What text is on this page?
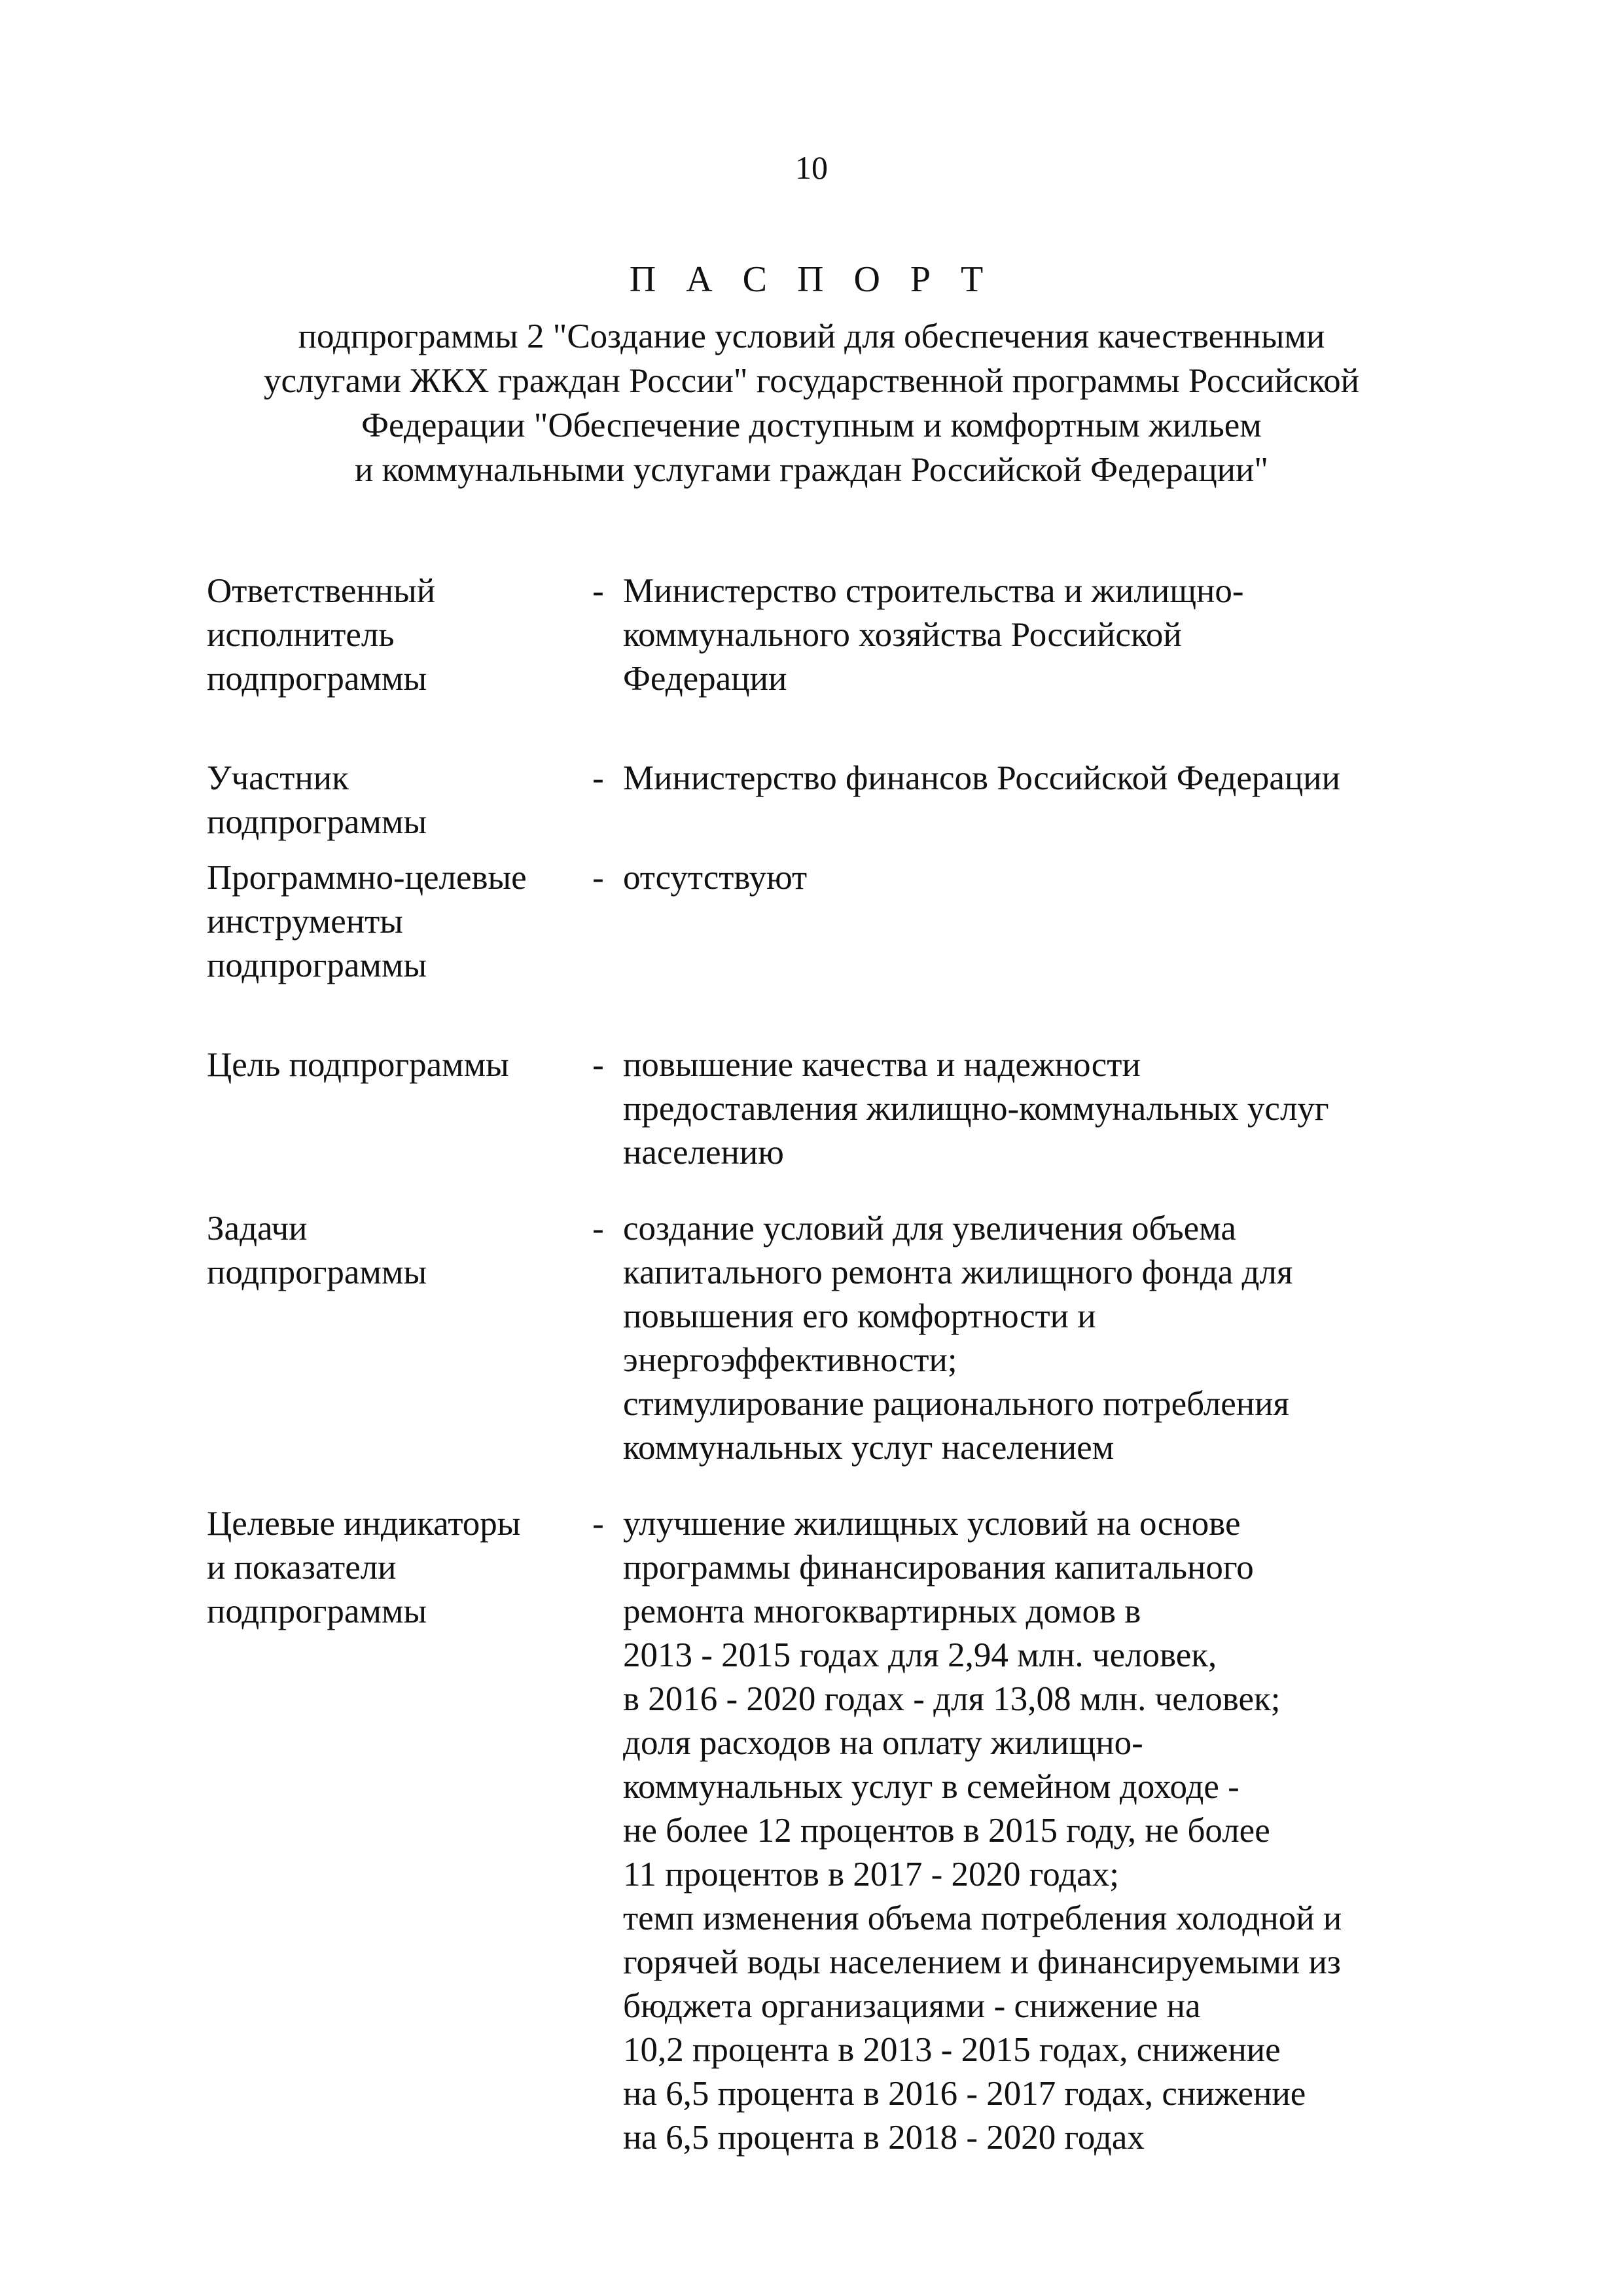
10
П А С П О Р Т
подпрограммы 2 "Создание условий для обеспечения качественными
услугами ЖКХ граждан России" государственной программы Российской
Федерации "Обеспечение доступным и комфортным жильем
и коммунальными услугами граждан Российской Федерации"
Ответственный
исполнитель
подпрограммы
- Министерство строительства и жилищно-
коммунального хозяйства Российской
Федерации
Участник
подпрограммы
- Министерство финансов Российской Федерации
Программно-целевые
инструменты
подпрограммы
- отсутствуют
Цель подпрограммы	- повышение качества и надежности
предоставления жилищно-коммунальных услуг
населению
Задачи
подпрограммы
- создание условий для увеличения объема
капитального ремонта жилищного фонда для
повышения его комфортности и
энергоэффективности;
стимулирование рационального потребления
коммунальных услуг населением
Целевые индикаторы
и показатели
подпрограммы
- улучшение жилищных условий на основе
программы финансирования капитального
ремонта многоквартирных домов в
2013 - 2015 годах для 2,94 млн. человек,
в 2016 - 2020 годах - для 13,08 млн. человек;
доля расходов на оплату жилищно-
коммунальных услуг в семейном доходе -
не более 12 процентов в 2015 году, не более
11 процентов в 2017 - 2020 годах;
темп изменения объема потребления холодной и
горячей воды населением и финансируемыми из
бюджета организациями - снижение на
10,2 процента в 2013 - 2015 годах, снижение
на 6,5 процента в 2016 - 2017 годах, снижение
на 6,5 процента в 2018 - 2020 годах
